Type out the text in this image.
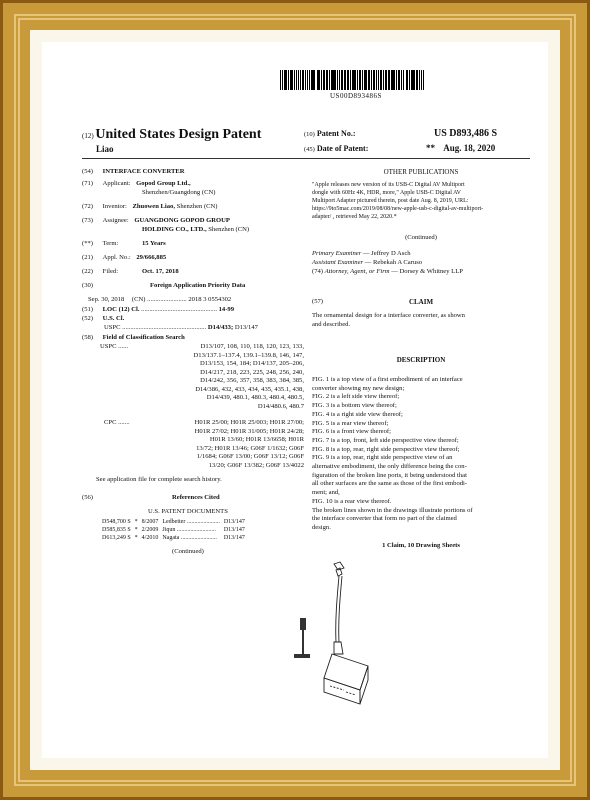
US00D893486S
(12) United States Design Patent
Liao
(10) Patent No.:	US D893,486 S
(45) Date of Patent:	** Aug. 18, 2020
(54) INTERFACE CONVERTER
(71) Applicant: Gopod Group Ltd.,
Shenzhen/Guangdong (CN)
(72) Inventor: Zhuowen Liao, Shenzhen (CN)
(73) Assignee: GUANGDONG GOPOD GROUP
HOLDING CO., LTD., Shenzhen (CN)
(**) Term:	15 Years
(21) Appl. No.: 29/666,885
(22) Filed:	Oct. 17, 2018
(30)	Foreign Application Priority Data
Sep. 30, 2018 (CN) ........................ 2018 3 0554302
(51) LOC (12) Cl. .............................................. 14-99
(52) U.S. Cl.
USPC ................................................... D14/433; D13/147
(58) Field of Classification Search
USPC ......	D13/107, 108, 110, 118, 120, 123, 133,
D13/137.1–137.4, 139.1–139.8, 146, 147,
D13/153, 154, 184; D14/137, 205–206,
D14/217, 218, 223, 225, 248, 256, 240,
D14/242, 356, 357, 358, 383, 384, 385,
D14/386, 432, 433, 434, 435, 435.1, 438,
D14/439, 480.1, 480.3, 480.4, 480.5,
D14/480.6, 480.7
CPC .......	H01R 25/00; H01R 25/003; H01R 27/00;
H01R 27/02; H01R 31/005; H01R 24/28;
H01R 13/60; H01R 13/6658; H01R
13/72; H01R 13/46; G06F 1/1632; G06F
1/1684; G06F 13/00; G06F 13/12; G06F
13/20; G06F 13/382; G06F 13/4022
See application file for complete search history.
(56)	References Cited
U.S. PATENT DOCUMENTS
D548,700 S	*	8/2007	Ledbetter ......................	D13/147
D585,835 S	*	2/2009	Jiqun ..........................	D13/147
D613,249 S	*	4/2010	Nagata ........................	D13/147
(Continued)
OTHER PUBLICATIONS
"Apple releases new version of its USB-C Digital AV Multiport
dongle with 60Hz 4K, HDR, more," Apple USB-C Digital AV
Multiport Adapter pictured therein, post date Aug. 8, 2019, URL:
https://9to5mac.com/2019/08/08/new-apple-usb-c-digital-av-multiport-
adapter/ , retrieved May 22, 2020.*
(Continued)
Primary Examiner — Jeffrey D Asch
Assistant Examiner — Rebekah A Caruso
(74) Attorney, Agent, or Firm — Dorsey & Whitney LLP
(57)	CLAIM
The ornamental design for a interface converter, as shown
and described.
DESCRIPTION
FIG. 1 is a top view of a first embodiment of an interface
converter showing my new design;
FIG. 2 is a left side view thereof;
FIG. 3 is a bottom view thereof;
FIG. 4 is a right side view thereof;
FIG. 5 is a rear view thereof;
FIG. 6 is a front view thereof;
FIG. 7 is a top, front, left side perspective view thereof;
FIG. 8 is a top, rear, right side perspective view thereof;
FIG. 9 is a top, rear, right side perspective view of an
alternative embodiment, the only difference being the con-
figuration of the broken line ports, it being understood that
all other surfaces are the same as those of the first embodi-
ment; and,
FIG. 10 is a rear view thereof.
The broken lines shown in the drawings illustrate portions of
the interface converter that form no part of the claimed
design.
1 Claim, 10 Drawing Sheets
